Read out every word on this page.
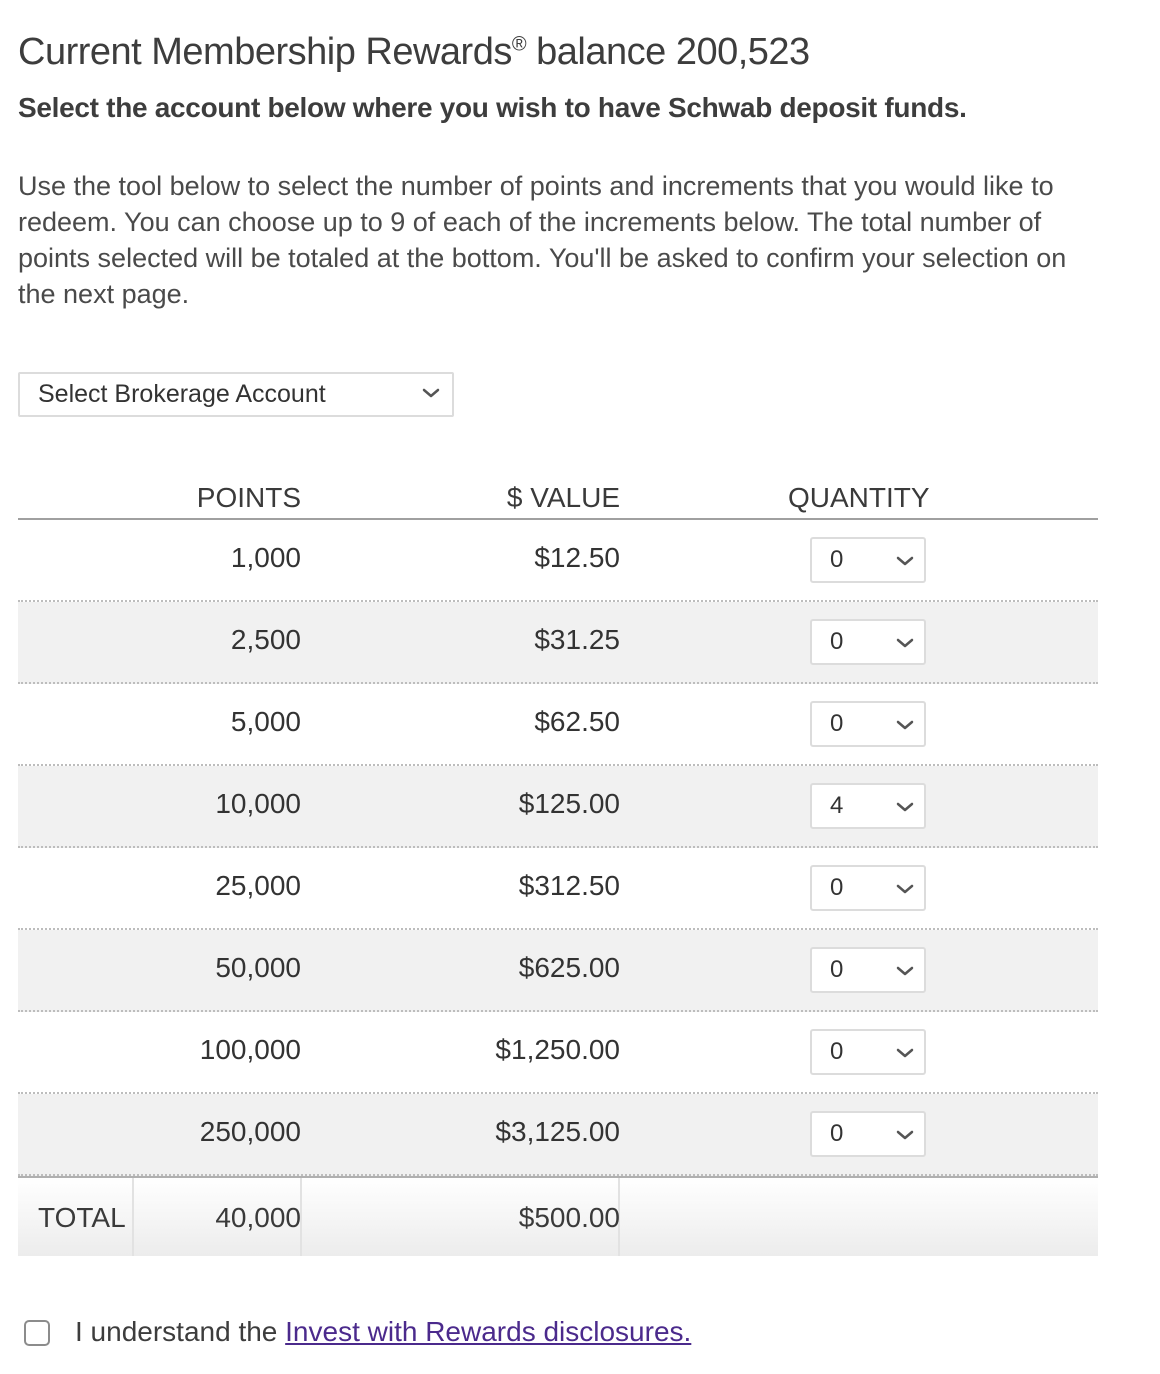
Current Membership Rewards® balance 200,523
Select the account below where you wish to have Schwab deposit funds.

Use the tool below to select the number of points and increments that you would like to redeem. You can choose up to 9 of each of the increments below. The total number of points selected will be totaled at the bottom. You'll be asked to confirm your selection on the next page.

Select Brokerage Account
POINTS	$ VALUE	QUANTITY
1,000	$12.50	0
2,500	$31.25	0
5,000	$62.50	0
10,000	$125.00	4
25,000	$312.50	0
50,000	$625.00	0
100,000	$1,250.00	0
250,000	$3,125.00	0
TOTAL	40,000	$500.00
I understand the Invest with Rewards disclosures.
